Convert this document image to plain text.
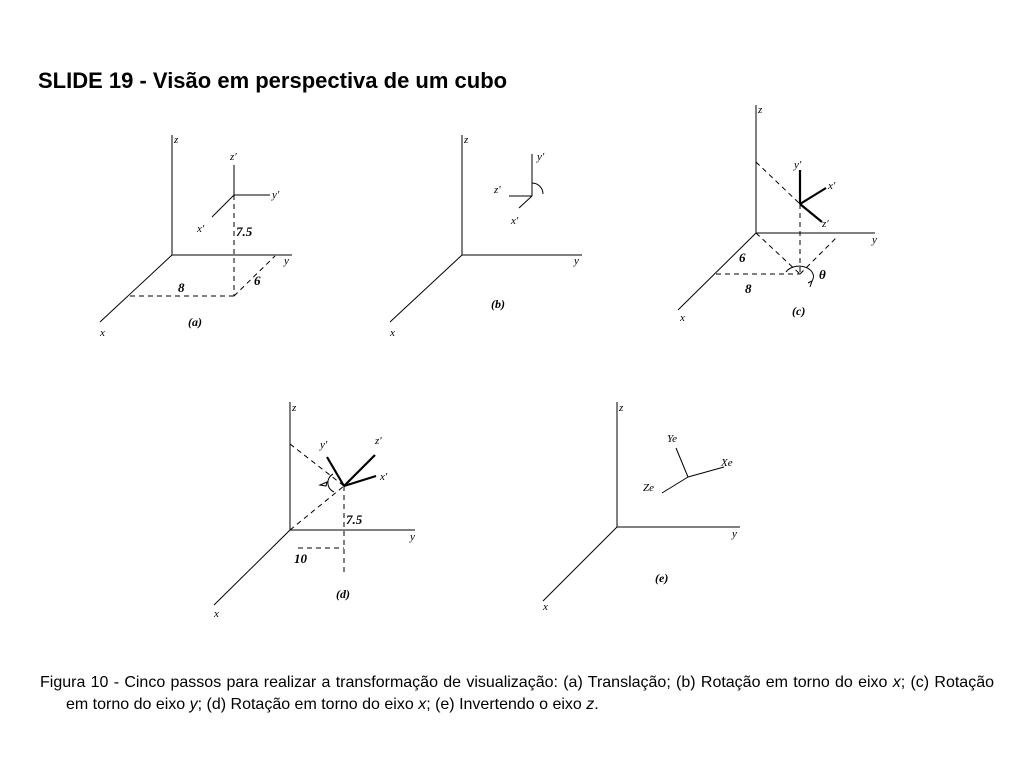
SLIDE 19 - Visão em perspectiva de um cubo
z
y
x
z'
y'
x' 7.5
8	6
(a)
z
y
x
y'
z'
x'
(b)
z
y
x
y'
x'
z'
6
8
θ
(c)
z
y
x
z'
y'
x'
7.5
10
(d)
z
y
x
Ye
Xe
Ze
(e)
Figura 10 - Cinco passos para realizar a transformação de visualização: (a) Translação; (b) Rotação em torno do eixo x; (c) Rotação em torno do eixo y; (d) Rotação em torno do eixo x; (e) Invertendo o eixo z.
